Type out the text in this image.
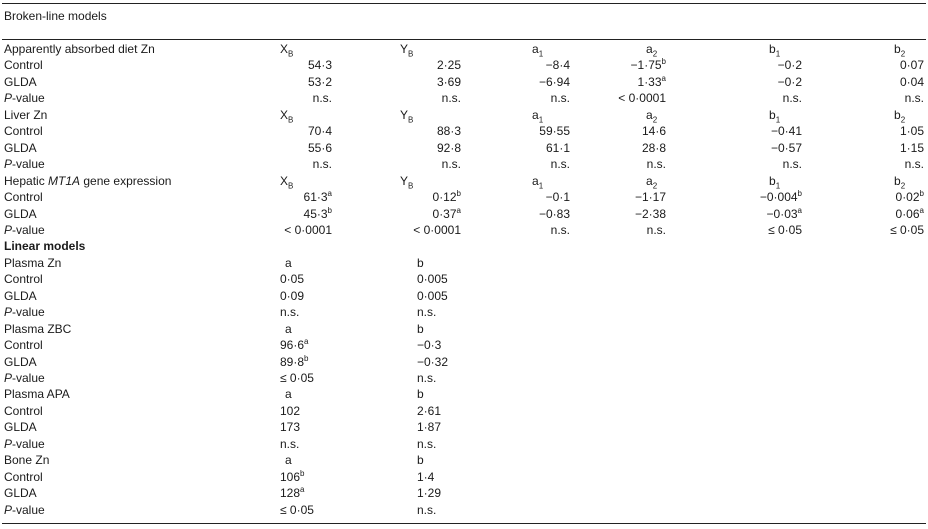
Broken-line models
Apparently absorbed diet Zn	$X_B$	$Y_B$	$a_1$	$a_2$	$b_1$	$b_2$
Control	54·3	2·25	−8·4	$-1\cdot 75^b$	−0·2	0·07
GLDA	53·2	3·69	−6·94	$1\cdot 33^a$	−0·2	0·04
P-value	n.s.	n.s.	n.s.	< 0·0001	n.s.	n.s.
Liver Zn	$X_B$	$Y_B$	$a_1$	$a_2$	$b_1$	$b_2$
Control	70·4	88·3	59·55	14·6	−0·41	1·05
GLDA	55·6	92·8	61·1	28·8	−0·57	1·15
P-value	n.s.	n.s.	n.s.	n.s.	n.s.	n.s.
Hepatic MT1A gene expression	$X_B$	$Y_B$	$a_1$	$a_2$	$b_1$	$b_2$
Control	$61\cdot 3^a$	$0\cdot 12^b$	−0·1	−1·17	$-0\cdot 004^b$	$0\cdot 02^b$
GLDA	$45\cdot 3^b$	$0\cdot 37^a$	−0·83	−2·38	$-0\cdot 03^a$	$0\cdot 06^a$
P-value	< 0·0001	< 0·0001	n.s.	n.s.	≤ 0·05	≤ 0·05
Linear models
Plasma Zn	a	b
Control	0·05	0·005
GLDA	0·09	0·005
P-value	n.s.	n.s.
Plasma ZBC	a	b
Control	$96\cdot 6^a$	−0·3
GLDA	$89\cdot 8^b$	−0·32
P-value	≤ 0·05	n.s.
Plasma APA	a	b
Control	102	2·61
GLDA	173	1·87
P-value	n.s.	n.s.
Bone Zn	a	b
Control	106$^b$	1·4
GLDA	128$^a$	1·29
P-value	≤ 0·05	n.s.
